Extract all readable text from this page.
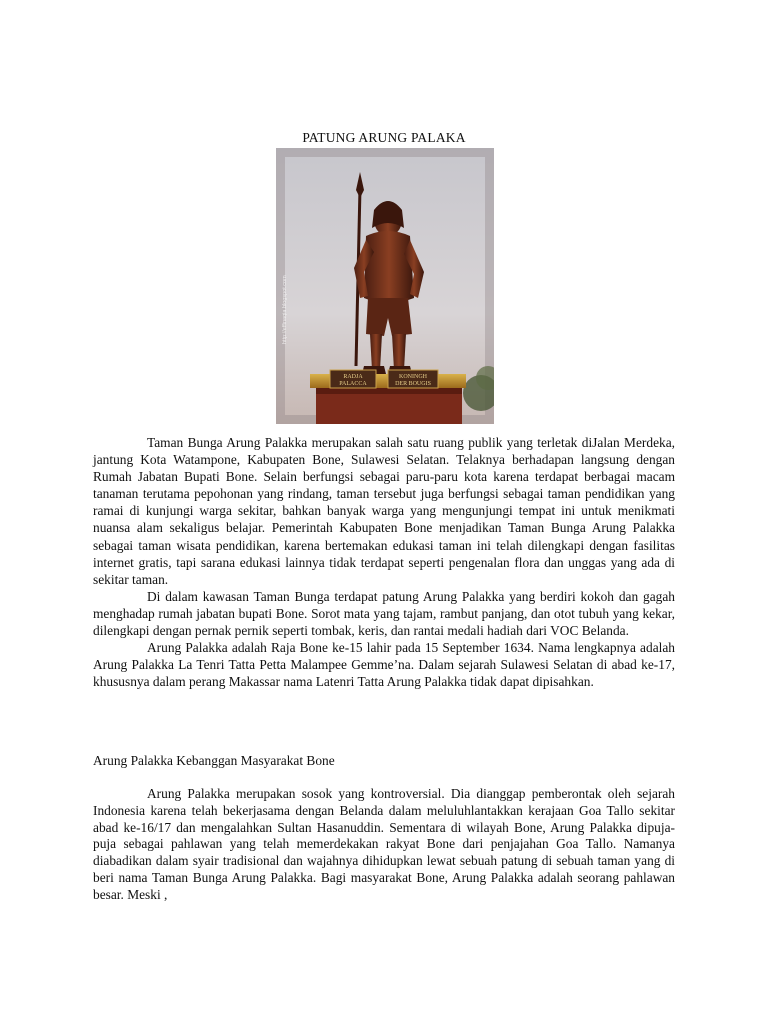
PATUNG ARUNG PALAKA
RADJA
PALACCA
KONINGH
DER BOUGIS
http://effinaqia.blogspot.com

Taman Bunga Arung Palakka merupakan salah satu ruang publik yang terletak diJalan Merdeka, jantung Kota Watampone, Kabupaten Bone, Sulawesi Selatan. Telaknya berhadapan langsung dengan Rumah Jabatan Bupati Bone. Selain berfungsi sebagai paru-paru kota karena terdapat berbagai macam tanaman terutama pepohonan yang rindang, taman tersebut juga berfungsi sebagai taman pendidikan yang ramai di kunjungi warga sekitar, bahkan banyak warga yang mengunjungi tempat ini untuk menikmati nuansa alam sekaligus belajar. Pemerintah Kabupaten Bone menjadikan Taman Bunga Arung Palakka sebagai taman wisata pendidikan, karena bertemakan edukasi taman ini telah dilengkapi dengan fasilitas internet gratis, tapi sarana edukasi lainnya tidak terdapat seperti pengenalan flora dan unggas yang ada di sekitar taman.

Di dalam kawasan Taman Bunga terdapat patung Arung Palakka yang berdiri kokoh dan gagah menghadap rumah jabatan bupati Bone. Sorot mata yang tajam, rambut panjang, dan otot tubuh yang kekar, dilengkapi dengan pernak pernik seperti tombak, keris, dan rantai medali hadiah dari VOC Belanda.

Arung Palakka adalah Raja Bone ke-15 lahir pada 15 September 1634. Nama lengkapnya adalah Arung Palakka La Tenri Tatta Petta Malampee Gemme’na. Dalam sejarah Sulawesi Selatan di abad ke-17, khususnya dalam perang Makassar nama Latenri Tatta Arung Palakka tidak dapat dipisahkan.

Arung Palakka Kebanggan Masyarakat Bone

Arung Palakka merupakan sosok yang kontroversial. Dia dianggap pemberontak oleh sejarah Indonesia karena telah bekerjasama dengan Belanda dalam meluluhlantakkan kerajaan Goa Tallo sekitar abad ke-16/17 dan mengalahkan Sultan Hasanuddin. Sementara di wilayah Bone, Arung Palakka dipuja-puja sebagai pahlawan yang telah memerdekakan rakyat Bone dari penjajahan Goa Tallo. Namanya diabadikan dalam syair tradisional dan wajahnya dihidupkan lewat sebuah patung di sebuah taman yang di beri nama Taman Bunga Arung Palakka. Bagi masyarakat Bone, Arung Palakka adalah seorang pahlawan besar. Meski ,
